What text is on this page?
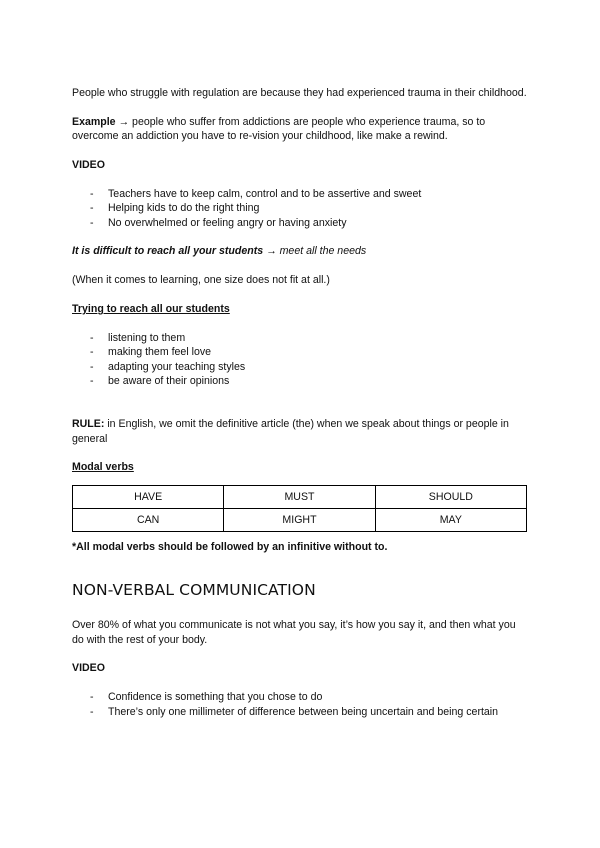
People who struggle with regulation are because they had experienced trauma in their childhood.

Example → people who suffer from addictions are people who experience trauma, so to overcome an addiction you have to re-vision your childhood, like make a rewind.

VIDEO

- Teachers have to keep calm, control and to be assertive and sweet
- Helping kids to do the right thing
- No overwhelmed or feeling angry or having anxiety

It is difficult to reach all your students → meet all the needs

(When it comes to learning, one size does not fit at all.)

Trying to reach all our students

- listening to them
- making them feel love
- adapting your teaching styles
- be aware of their opinions

RULE: in English, we omit the definitive article (the) when we speak about things or people in general

Modal verbs

HAVE	MUST	SHOULD
CAN	MIGHT	MAY

*All modal verbs should be followed by an infinitive without to.

NON-VERBAL COMMUNICATION

Over 80% of what you communicate is not what you say, it’s how you say it, and then what you do with the rest of your body.

VIDEO

- Confidence is something that you chose to do
- There’s only one millimeter of difference between being uncertain and being certain
